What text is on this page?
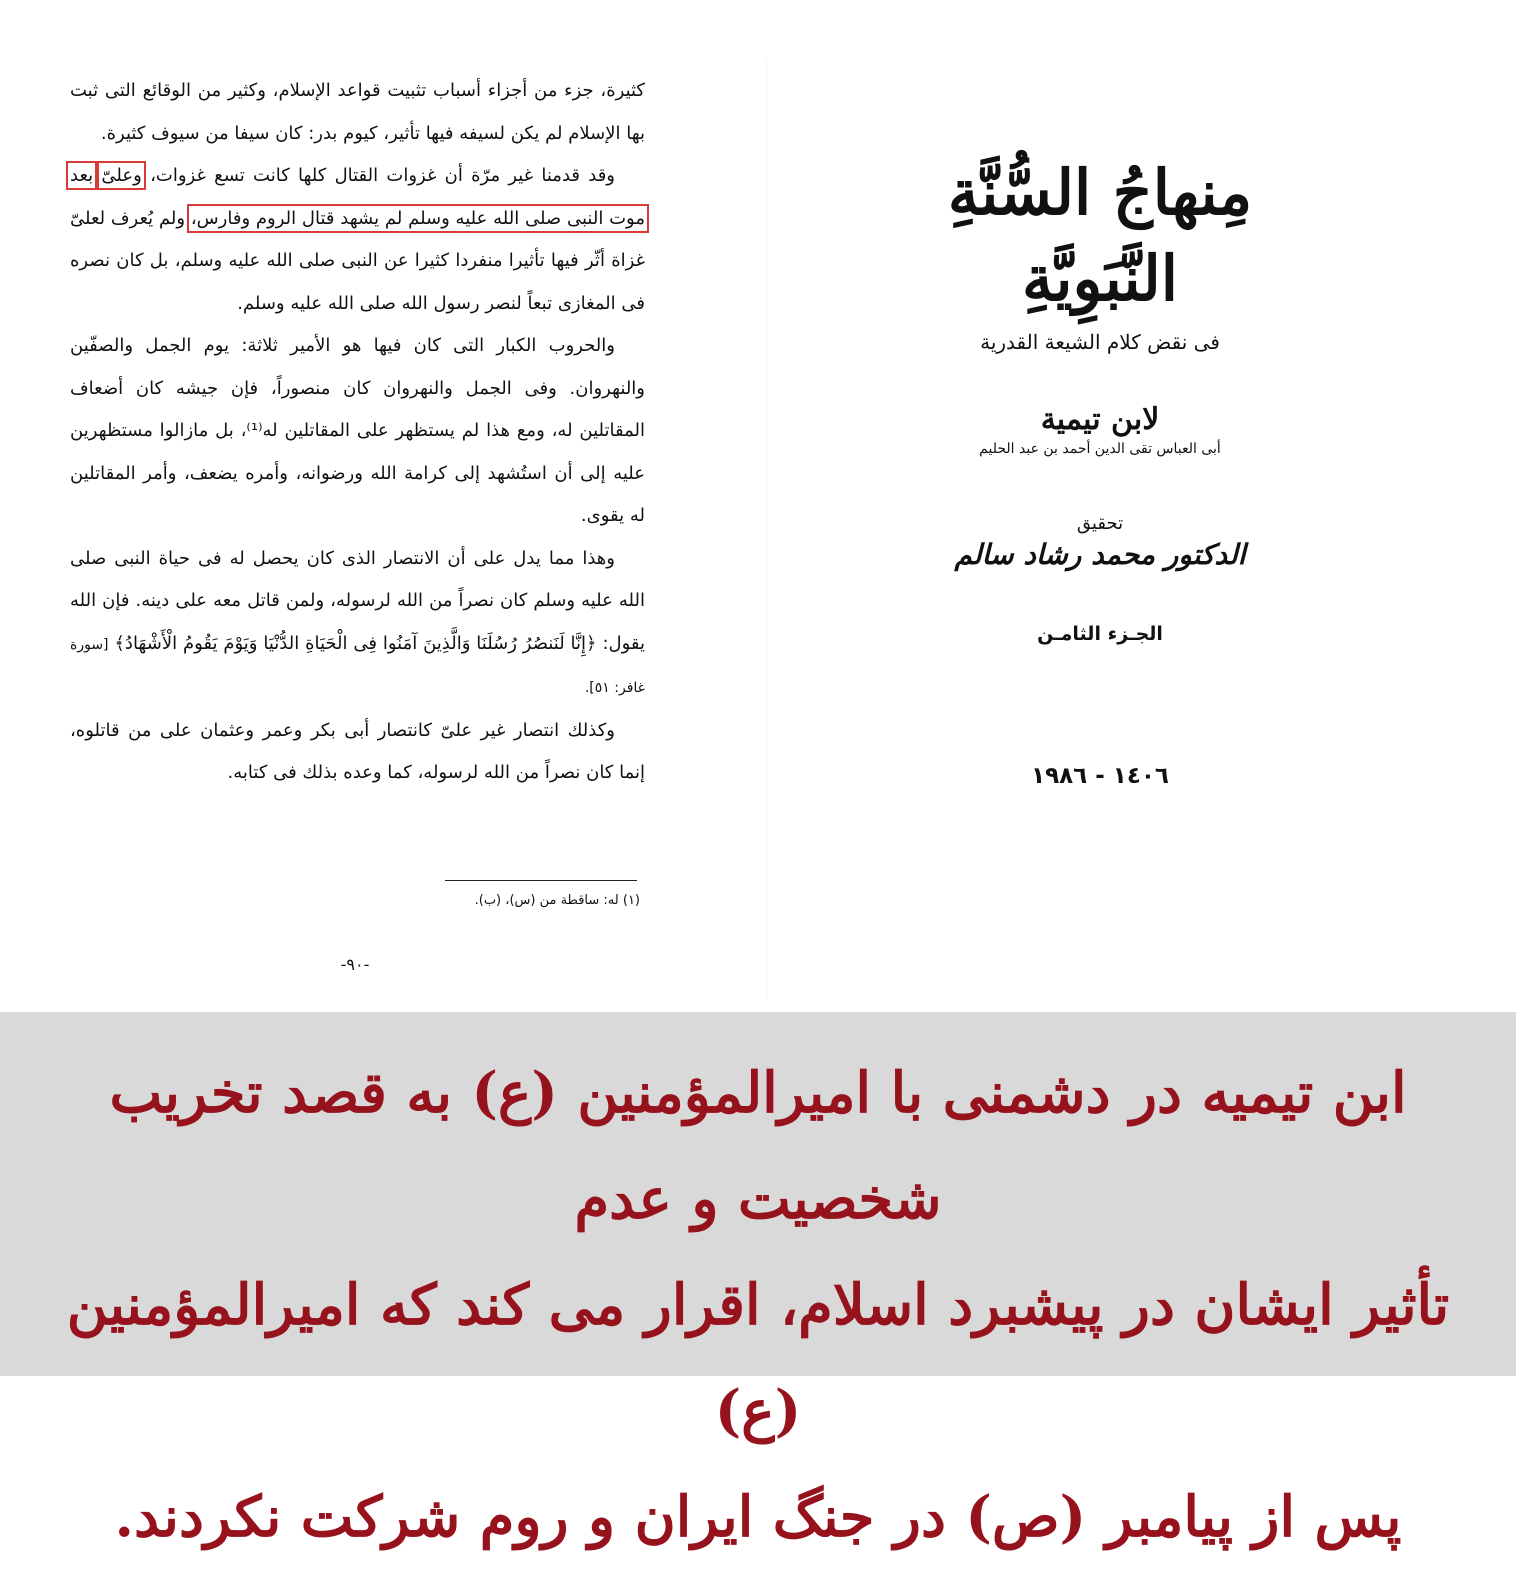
كثيرة، جزء من أجزاء أسباب تثبيت قواعد الإسلام، وكثير من الوقائع التى ثبت بها الإسلام لم يكن لسيفه فيها تأثير، كيوم بدر: كان سيفا من سيوف كثيرة.

وقد قدمنا غير مرّة أن غزوات القتال كلها كانت تسع غزوات، وعلىّ بعد موت النبى صلى الله عليه وسلم لم يشهد قتال الروم وفارس، ولم يُعرف لعلىّ غزاة أثّر فيها تأثيرا منفردا كثيرا عن النبى صلى الله عليه وسلم، بل كان نصره فى المغازى تبعاً لنصر رسول الله صلى الله عليه وسلم.

والحروب الكبار التى كان فيها هو الأمير ثلاثة: يوم الجمل والصفّين والنهروان. وفى الجمل والنهروان كان منصوراً، فإن جيشه كان أضعاف المقاتلين له، ومع هذا لم يستظهر على المقاتلين له⁽¹⁾، بل مازالوا مستظهرين عليه إلى أن استُشهد إلى كرامة الله ورضوانه، وأمره يضعف، وأمر المقاتلين له يقوى.

وهذا مما يدل على أن الانتصار الذى كان يحصل له فى حياة النبى صلى الله عليه وسلم كان نصراً من الله لرسوله، ولمن قاتل معه على دينه. فإن الله يقول: ﴿إِنَّا لَنَنصُرُ رُسُلَنَا وَالَّذِينَ آمَنُوا فِى الْحَيَاةِ الدُّنْيَا وَيَوْمَ يَقُومُ الْأَشْهَادُ﴾ [سورة غافر: ٥١].

وكذلك انتصار غير علىّ كانتصار أبى بكر وعمر وعثمان على من قاتلوه، إنما كان نصراً من الله لرسوله، كما وعده بذلك فى كتابه.

(١) له: ساقطة من (س)، (ب).
-٩٠-
مِنهاجُ السُّنَّةِ النَّبَوِيَّةِ
فى نقض كلام الشيعة القدرية
لابن تيمية
أبى العباس تقى الدين أحمد بن عبد الحليم
تحقيق
الدكتور محمد رشاد سالم
الجـزء الثامـن
١٤٠٦ - ١٩٨٦
ابن تیمیه در دشمنی با امیرالمؤمنین (ع) به قصد تخریب شخصیت و عدم
تأثیر ایشان در پیشبرد اسلام، اقرار می کند که امیرالمؤمنین (ع)
پس از پیامبر (ص) در جنگ ایران و روم شرکت نکردند.
